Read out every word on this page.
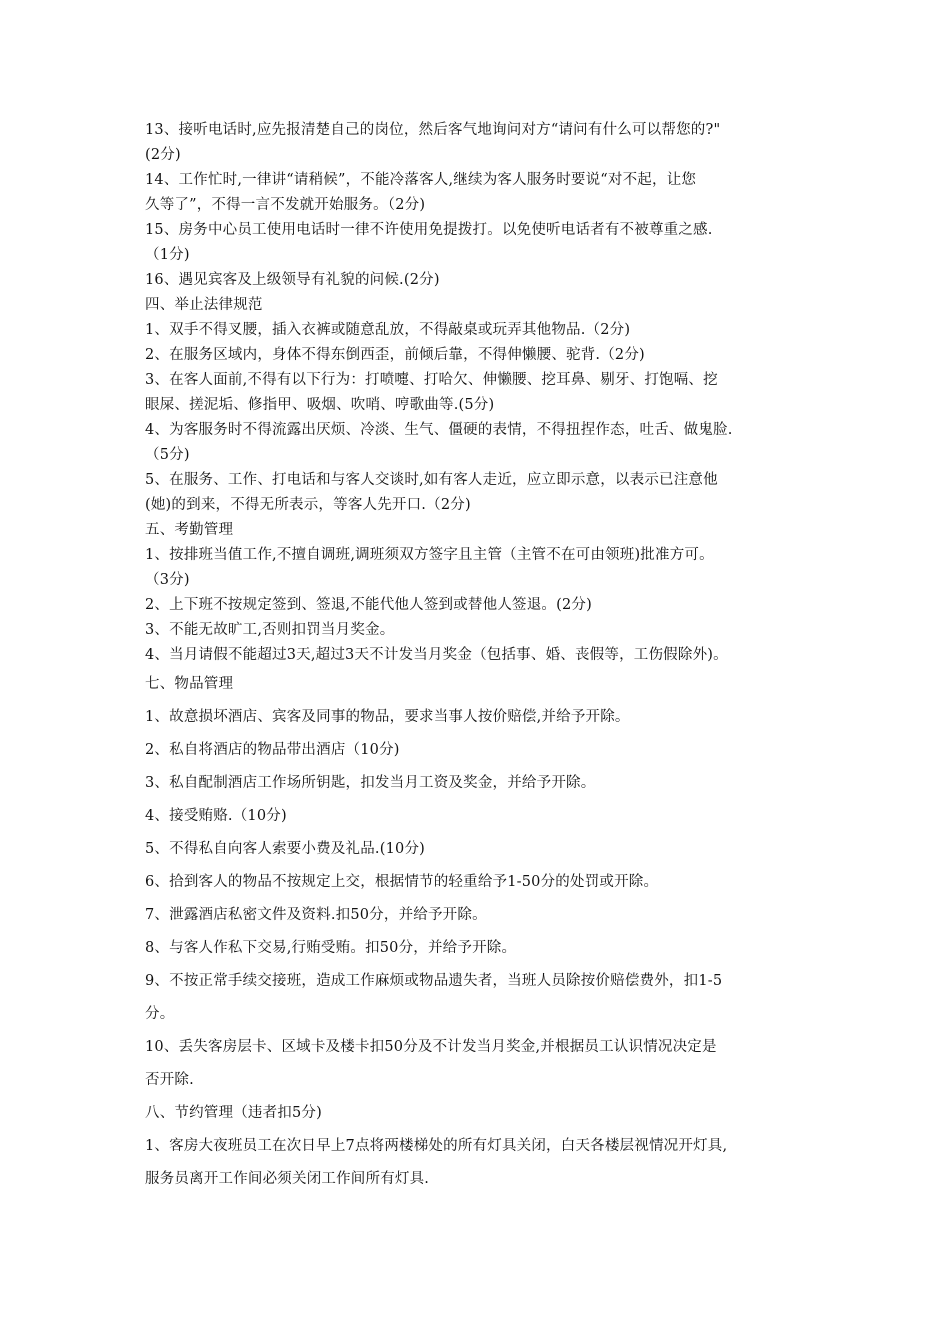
13、接听电话时,应先报清楚自己的岗位，然后客气地询问对方“请问有什么可以帮您的?"
(2分)
14、工作忙时,一律讲“请稍候”，不能冷落客人,继续为客人服务时要说“对不起，让您
久等了”，不得一言不发就开始服务。（2分)
15、房务中心员工使用电话时一律不许使用免提拨打。以免使听电话者有不被尊重之感.
（1分)
16、遇见宾客及上级领导有礼貌的问候.(2分)
四、举止法律规范
1、双手不得叉腰，插入衣裤或随意乱放，不得敲桌或玩弄其他物品.（2分)
2、在服务区域内，身体不得东倒西歪，前倾后靠，不得伸懒腰、驼背.（2分)
3、在客人面前,不得有以下行为：打喷嚏、打哈欠、伸懒腰、挖耳鼻、剔牙、打饱嗝、挖
眼屎、搓泥垢、修指甲、吸烟、吹哨、哼歌曲等.(5分)
4、为客服务时不得流露出厌烦、冷淡、生气、僵硬的表情，不得扭捏作态，吐舌、做鬼脸.
（5分)
5、在服务、工作、打电话和与客人交谈时,如有客人走近，应立即示意，以表示已注意他
(她)的到来，不得无所表示，等客人先开口.（2分)
五、考勤管理
1、按排班当值工作,不擅自调班,调班须双方签字且主管（主管不在可由领班)批准方可。
（3分)
2、上下班不按规定签到、签退,不能代他人签到或替他人签退。(2分)
3、不能无故旷工,否则扣罚当月奖金。
4、当月请假不能超过3天,超过3天不计发当月奖金（包括事、婚、丧假等，工伤假除外)。
七、物品管理
1、故意损坏酒店、宾客及同事的物品，要求当事人按价赔偿,并给予开除。
2、私自将酒店的物品带出酒店（10分)
3、私自配制酒店工作场所钥匙，扣发当月工资及奖金，并给予开除。
4、接受贿赂.（10分)
5、不得私自向客人索要小费及礼品.(10分)
6、拾到客人的物品不按规定上交，根据情节的轻重给予1-50分的处罚或开除。
7、泄露酒店私密文件及资料.扣50分，并给予开除。
8、与客人作私下交易,行贿受贿。扣50分，并给予开除。
9、不按正常手续交接班，造成工作麻烦或物品遗失者，当班人员除按价赔偿费外，扣1-5
分。
10、丢失客房层卡、区域卡及楼卡扣50分及不计发当月奖金,并根据员工认识情况决定是
否开除.
八、节约管理（违者扣5分)
1、客房大夜班员工在次日早上7点将两楼梯处的所有灯具关闭，白天各楼层视情况开灯具,
服务员离开工作间必须关闭工作间所有灯具.
